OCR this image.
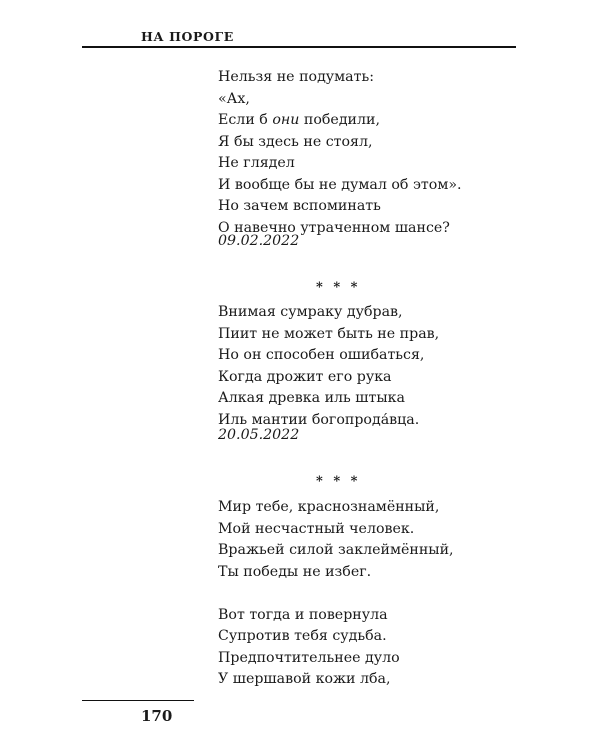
НА ПОРОГЕ
Нельзя не подумать:
«Ах,
Если б они победили,
Я бы здесь не стоял,
Не глядел
И вообще бы не думал об этом».
Но зачем вспоминать
О навечно утраченном шансе?
09.02.2022
* * *
Внимая сумраку дубрав,
Пиит не может быть не прав,
Но он способен ошибаться,
Когда дрожит его рука
Алкая древка иль штыка
Иль мантии богопрода́вца.
20.05.2022
* * *
Мир тебе, краснознамённый,
Мой несчастный человек.
Вражьей силой заклеймённый,
Ты победы не избег.
Вот тогда и повернула
Супротив тебя судьба.
Предпочтительнее дуло
У шершавой кожи лба,
170
